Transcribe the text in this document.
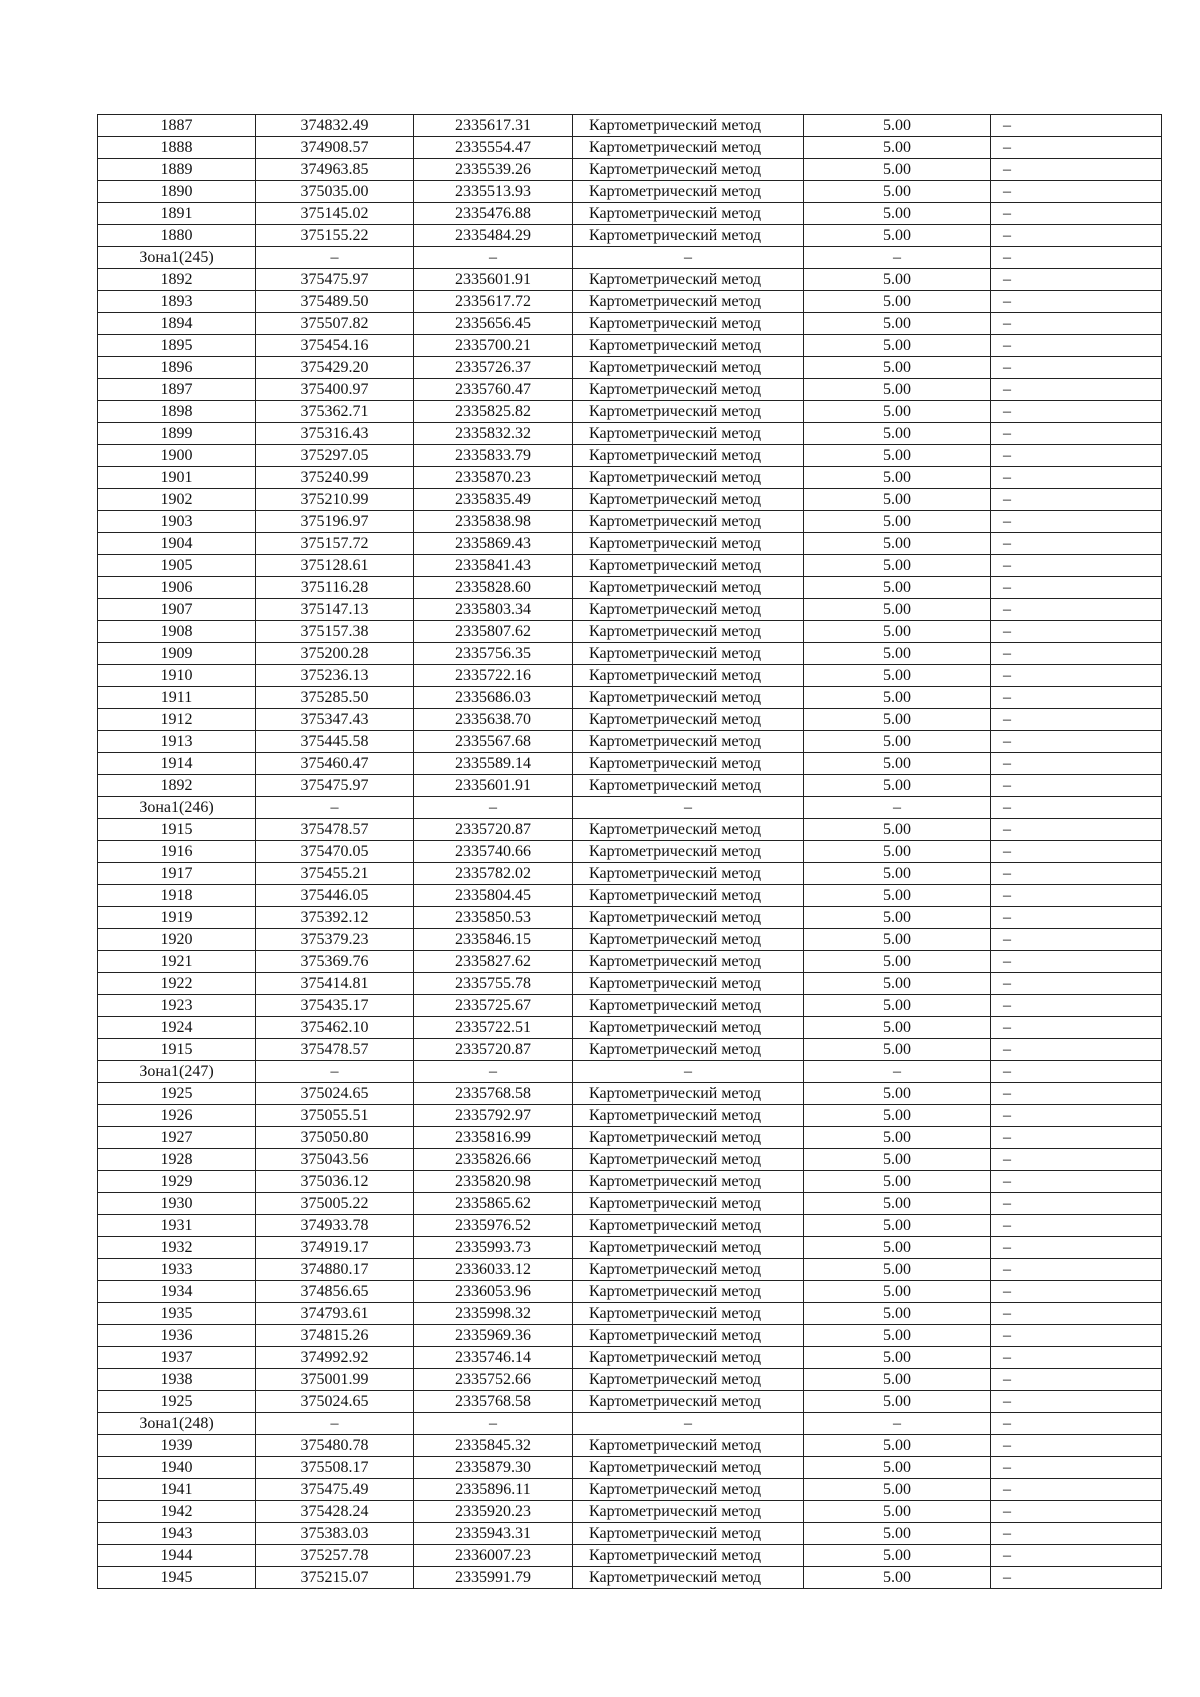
1887	374832.49	2335617.31	Картометрический метод	5.00	–
1888	374908.57	2335554.47	Картометрический метод	5.00	–
1889	374963.85	2335539.26	Картометрический метод	5.00	–
1890	375035.00	2335513.93	Картометрический метод	5.00	–
1891	375145.02	2335476.88	Картометрический метод	5.00	–
1880	375155.22	2335484.29	Картометрический метод	5.00	–
Зона1(245)	–	–	–	–	–
1892	375475.97	2335601.91	Картометрический метод	5.00	–
1893	375489.50	2335617.72	Картометрический метод	5.00	–
1894	375507.82	2335656.45	Картометрический метод	5.00	–
1895	375454.16	2335700.21	Картометрический метод	5.00	–
1896	375429.20	2335726.37	Картометрический метод	5.00	–
1897	375400.97	2335760.47	Картометрический метод	5.00	–
1898	375362.71	2335825.82	Картометрический метод	5.00	–
1899	375316.43	2335832.32	Картометрический метод	5.00	–
1900	375297.05	2335833.79	Картометрический метод	5.00	–
1901	375240.99	2335870.23	Картометрический метод	5.00	–
1902	375210.99	2335835.49	Картометрический метод	5.00	–
1903	375196.97	2335838.98	Картометрический метод	5.00	–
1904	375157.72	2335869.43	Картометрический метод	5.00	–
1905	375128.61	2335841.43	Картометрический метод	5.00	–
1906	375116.28	2335828.60	Картометрический метод	5.00	–
1907	375147.13	2335803.34	Картометрический метод	5.00	–
1908	375157.38	2335807.62	Картометрический метод	5.00	–
1909	375200.28	2335756.35	Картометрический метод	5.00	–
1910	375236.13	2335722.16	Картометрический метод	5.00	–
1911	375285.50	2335686.03	Картометрический метод	5.00	–
1912	375347.43	2335638.70	Картометрический метод	5.00	–
1913	375445.58	2335567.68	Картометрический метод	5.00	–
1914	375460.47	2335589.14	Картометрический метод	5.00	–
1892	375475.97	2335601.91	Картометрический метод	5.00	–
Зона1(246)	–	–	–	–	–
1915	375478.57	2335720.87	Картометрический метод	5.00	–
1916	375470.05	2335740.66	Картометрический метод	5.00	–
1917	375455.21	2335782.02	Картометрический метод	5.00	–
1918	375446.05	2335804.45	Картометрический метод	5.00	–
1919	375392.12	2335850.53	Картометрический метод	5.00	–
1920	375379.23	2335846.15	Картометрический метод	5.00	–
1921	375369.76	2335827.62	Картометрический метод	5.00	–
1922	375414.81	2335755.78	Картометрический метод	5.00	–
1923	375435.17	2335725.67	Картометрический метод	5.00	–
1924	375462.10	2335722.51	Картометрический метод	5.00	–
1915	375478.57	2335720.87	Картометрический метод	5.00	–
Зона1(247)	–	–	–	–	–
1925	375024.65	2335768.58	Картометрический метод	5.00	–
1926	375055.51	2335792.97	Картометрический метод	5.00	–
1927	375050.80	2335816.99	Картометрический метод	5.00	–
1928	375043.56	2335826.66	Картометрический метод	5.00	–
1929	375036.12	2335820.98	Картометрический метод	5.00	–
1930	375005.22	2335865.62	Картометрический метод	5.00	–
1931	374933.78	2335976.52	Картометрический метод	5.00	–
1932	374919.17	2335993.73	Картометрический метод	5.00	–
1933	374880.17	2336033.12	Картометрический метод	5.00	–
1934	374856.65	2336053.96	Картометрический метод	5.00	–
1935	374793.61	2335998.32	Картометрический метод	5.00	–
1936	374815.26	2335969.36	Картометрический метод	5.00	–
1937	374992.92	2335746.14	Картометрический метод	5.00	–
1938	375001.99	2335752.66	Картометрический метод	5.00	–
1925	375024.65	2335768.58	Картометрический метод	5.00	–
Зона1(248)	–	–	–	–	–
1939	375480.78	2335845.32	Картометрический метод	5.00	–
1940	375508.17	2335879.30	Картометрический метод	5.00	–
1941	375475.49	2335896.11	Картометрический метод	5.00	–
1942	375428.24	2335920.23	Картометрический метод	5.00	–
1943	375383.03	2335943.31	Картометрический метод	5.00	–
1944	375257.78	2336007.23	Картометрический метод	5.00	–
1945	375215.07	2335991.79	Картометрический метод	5.00	–
